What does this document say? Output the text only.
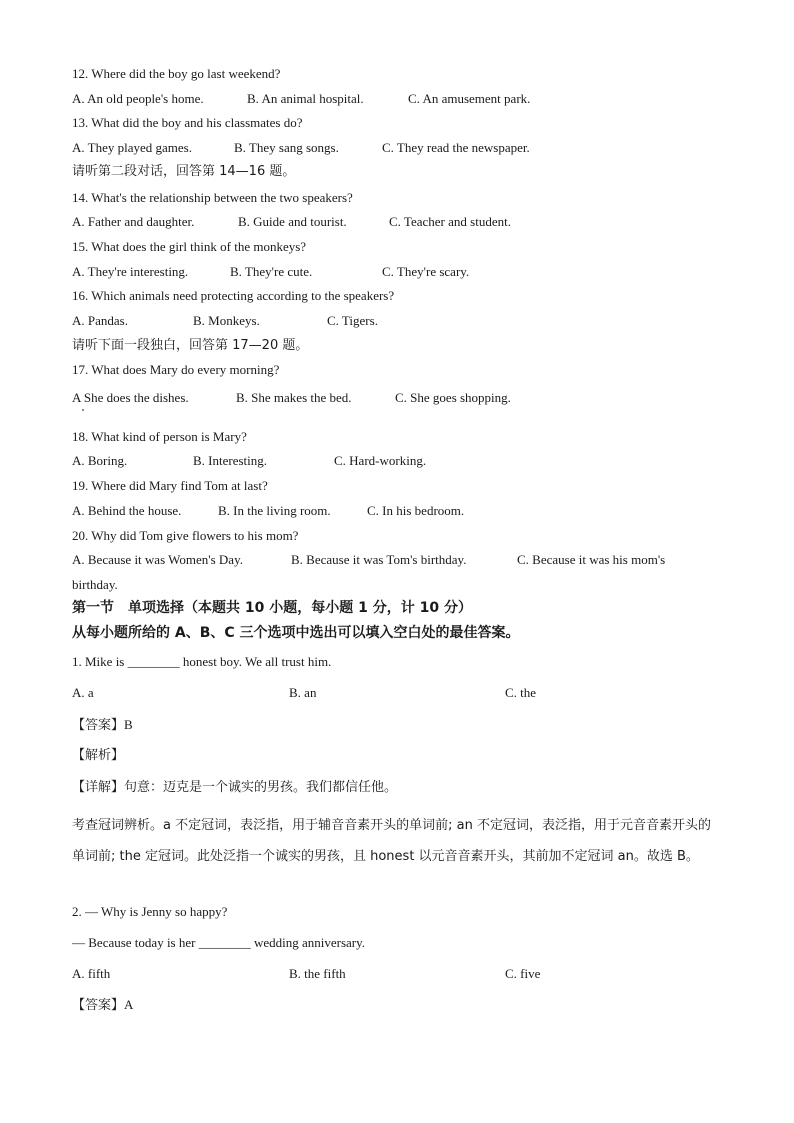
12. Where did the boy go last weekend?
A. An old people's home.	B. An animal hospital.	C. An amusement park.
13. What did the boy and his classmates do?
A. They played games.	B. They sang songs.	C. They read the newspaper.
请听第二段对话，回答第 14—16 题。
14. What's the relationship between the two speakers?
A. Father and daughter.	B. Guide and tourist.	C. Teacher and student.
15. What does the girl think of the monkeys?
A. They're interesting.	B. They're cute.	C. They're scary.
16. Which animals need protecting according to the speakers?
A. Pandas.	B. Monkeys.	C. Tigers.
请听下面一段独白，回答第 17—20 题。
17. What does Mary do every morning?
A She does the dishes.	B. She makes the bed.	C. She goes shopping.
18. What kind of person is Mary?
A. Boring.	B. Interesting.	C. Hard-working.
19. Where did Mary find Tom at last?
A. Behind the house.	B. In the living room.	C. In his bedroom.
20. Why did Tom give flowers to his mom?
A. Because it was Women's Day.	B. Because it was Tom's birthday.	C. Because it was his mom's
birthday.
第一节　单项选择（本题共 10 小题，每小题 1 分，计 10 分）
从每小题所给的 A、B、C 三个选项中选出可以填入空白处的最佳答案。
1. Mike is ________ honest boy. We all trust him.
A. a	B. an	C. the
【答案】B
【解析】
【详解】句意：迈克是一个诚实的男孩。我们都信任他。
考查冠词辨析。a 不定冠词，表泛指，用于辅音音素开头的单词前; an 不定冠词，表泛指，用于元音音素开头的单词前; the 定冠词。此处泛指一个诚实的男孩，且 honest 以元音音素开头，其前加不定冠词 an。故选 B。
2. — Why is Jenny so happy?
— Because today is her ________ wedding anniversary.
A. fifth	B. the fifth	C. five
【答案】A
